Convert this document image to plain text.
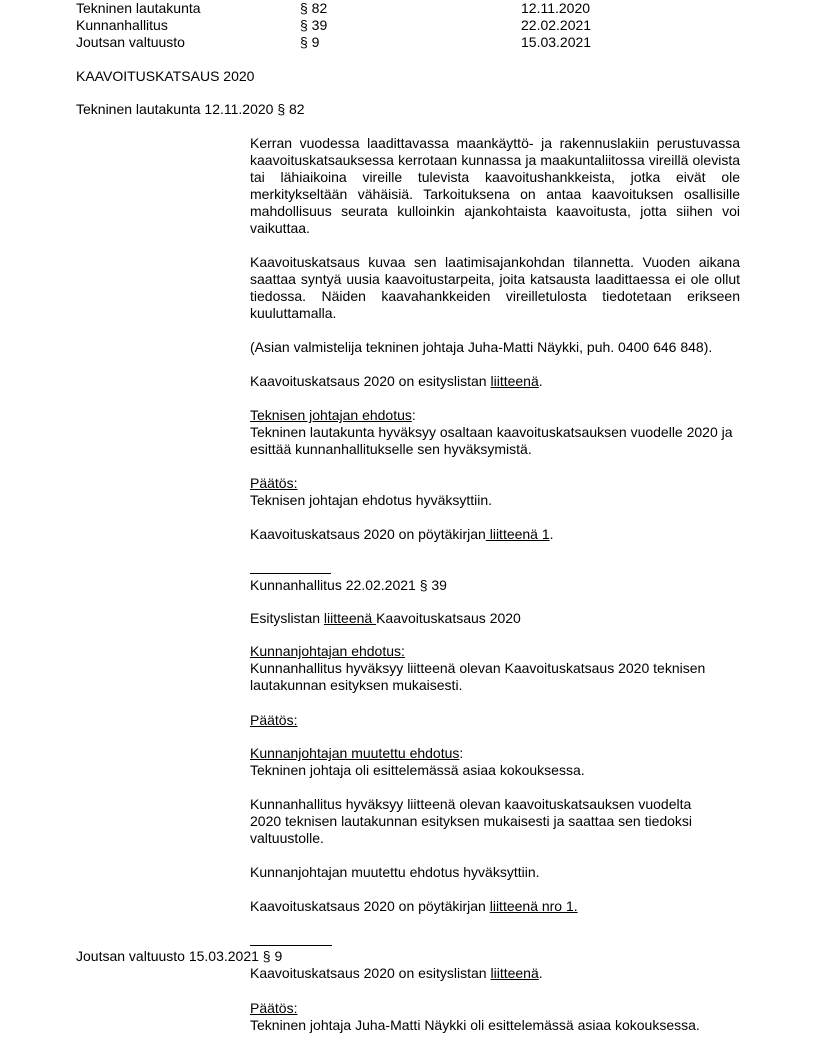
Tekninen lautakunta	§ 82	12.11.2020
Kunnanhallitus	§ 39	22.02.2021
Joutsan valtuusto	§ 9	15.03.2021
KAAVOITUSKATSAUS 2020
Tekninen lautakunta 12.11.2020 § 82
Kerran vuodessa laadittavassa maankäyttö- ja rakennuslakiin perustuvassa kaavoituskatsauksessa kerrotaan kunnassa ja maakuntaliitossa vireillä olevista tai lähiaikoina vireille tulevista kaavoitushankkeista, jotka eivät ole merkitykseltään vähäisiä. Tarkoituksena on antaa kaavoituksen osallisille mahdollisuus seurata kulloinkin ajankohtaista kaavoitusta, jotta siihen voi vaikuttaa.
Kaavoituskatsaus kuvaa sen laatimisajankohdan tilannetta. Vuoden aikana saattaa syntyä uusia kaavoitustarpeita, joita katsausta laadittaessa ei ole ollut tiedossa. Näiden kaavahankkeiden vireilletulosta tiedotetaan erikseen kuuluttamalla.
(Asian valmistelija tekninen johtaja Juha-Matti Näykki, puh. 0400 646 848).
Kaavoituskatsaus 2020 on esityslistan liitteenä.
Teknisen johtajan ehdotus:
Tekninen lautakunta hyväksyy osaltaan kaavoituskatsauksen vuodelle 2020 ja esittää kunnanhallitukselle sen hyväksymistä.
Päätös:
Teknisen johtajan ehdotus hyväksyttiin.
Kaavoituskatsaus 2020 on pöytäkirjan liitteenä 1.
Kunnanhallitus 22.02.2021 § 39
Esityslistan liitteenä Kaavoituskatsaus 2020
Kunnanjohtajan ehdotus:
Kunnanhallitus hyväksyy liitteenä olevan Kaavoituskatsaus 2020 teknisen lautakunnan esityksen mukaisesti.
Päätös:
Kunnanjohtajan muutettu ehdotus:
Tekninen johtaja oli esittelemässä asiaa kokouksessa.
Kunnanhallitus hyväksyy liitteenä olevan kaavoituskatsauksen vuodelta 2020 teknisen lautakunnan esityksen mukaisesti ja saattaa sen tiedoksi valtuustolle.
Kunnanjohtajan muutettu ehdotus hyväksyttiin.
Kaavoituskatsaus 2020 on pöytäkirjan liitteenä nro 1.
Joutsan valtuusto 15.03.2021 § 9
Kaavoituskatsaus 2020 on esityslistan liitteenä.
Päätös:
Tekninen johtaja Juha-Matti Näykki oli esittelemässä asiaa kokouksessa.
